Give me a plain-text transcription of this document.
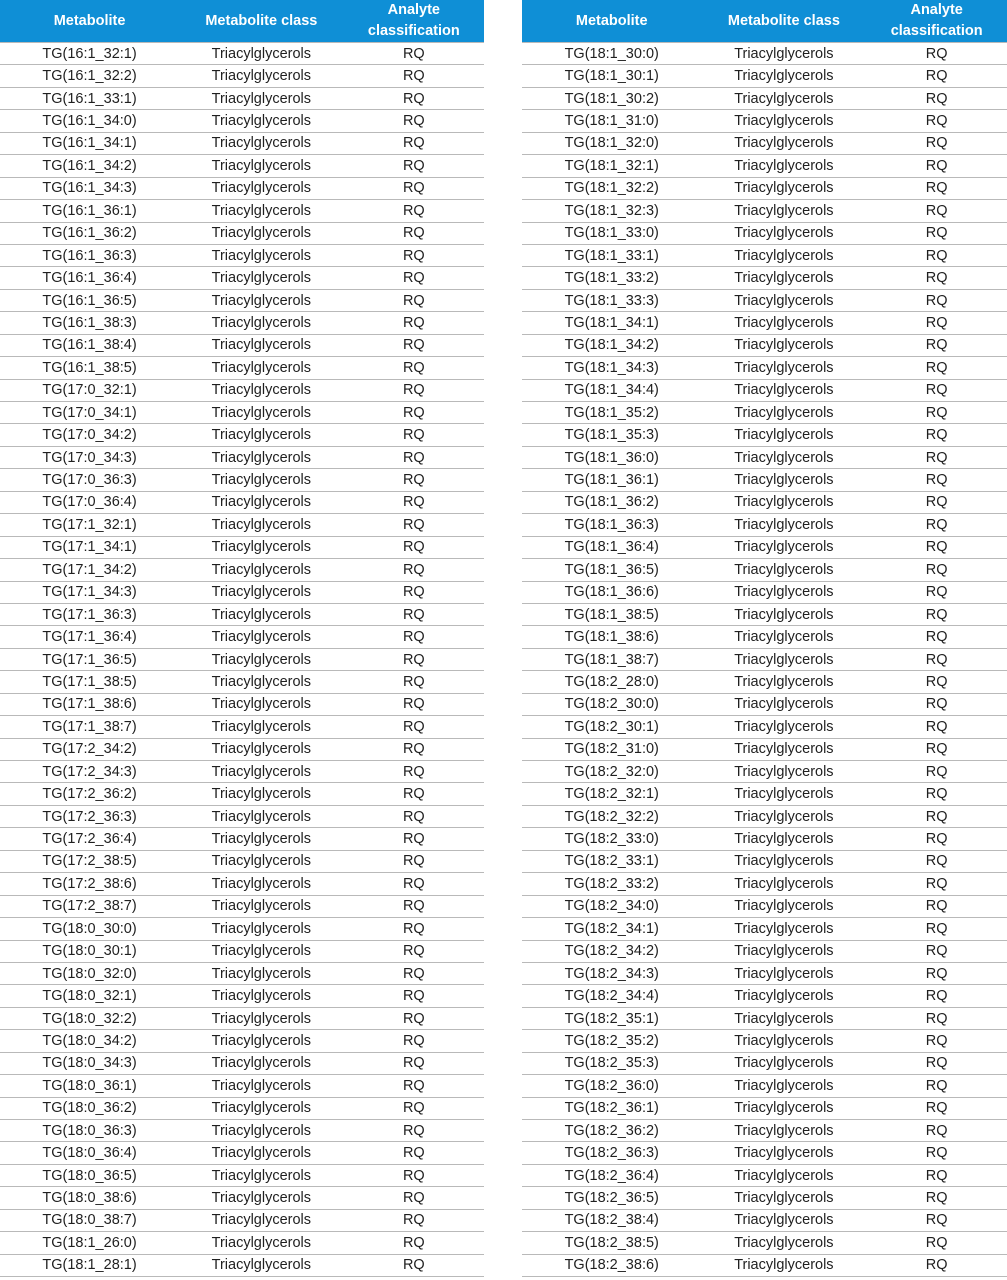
Metabolite	Metabolite class	Analyte classification
TG(16:1_32:1)	Triacylglycerols	RQ
TG(16:1_32:2)	Triacylglycerols	RQ
TG(16:1_33:1)	Triacylglycerols	RQ
TG(16:1_34:0)	Triacylglycerols	RQ
TG(16:1_34:1)	Triacylglycerols	RQ
TG(16:1_34:2)	Triacylglycerols	RQ
TG(16:1_34:3)	Triacylglycerols	RQ
TG(16:1_36:1)	Triacylglycerols	RQ
TG(16:1_36:2)	Triacylglycerols	RQ
TG(16:1_36:3)	Triacylglycerols	RQ
TG(16:1_36:4)	Triacylglycerols	RQ
TG(16:1_36:5)	Triacylglycerols	RQ
TG(16:1_38:3)	Triacylglycerols	RQ
TG(16:1_38:4)	Triacylglycerols	RQ
TG(16:1_38:5)	Triacylglycerols	RQ
TG(17:0_32:1)	Triacylglycerols	RQ
TG(17:0_34:1)	Triacylglycerols	RQ
TG(17:0_34:2)	Triacylglycerols	RQ
TG(17:0_34:3)	Triacylglycerols	RQ
TG(17:0_36:3)	Triacylglycerols	RQ
TG(17:0_36:4)	Triacylglycerols	RQ
TG(17:1_32:1)	Triacylglycerols	RQ
TG(17:1_34:1)	Triacylglycerols	RQ
TG(17:1_34:2)	Triacylglycerols	RQ
TG(17:1_34:3)	Triacylglycerols	RQ
TG(17:1_36:3)	Triacylglycerols	RQ
TG(17:1_36:4)	Triacylglycerols	RQ
TG(17:1_36:5)	Triacylglycerols	RQ
TG(17:1_38:5)	Triacylglycerols	RQ
TG(17:1_38:6)	Triacylglycerols	RQ
TG(17:1_38:7)	Triacylglycerols	RQ
TG(17:2_34:2)	Triacylglycerols	RQ
TG(17:2_34:3)	Triacylglycerols	RQ
TG(17:2_36:2)	Triacylglycerols	RQ
TG(17:2_36:3)	Triacylglycerols	RQ
TG(17:2_36:4)	Triacylglycerols	RQ
TG(17:2_38:5)	Triacylglycerols	RQ
TG(17:2_38:6)	Triacylglycerols	RQ
TG(17:2_38:7)	Triacylglycerols	RQ
TG(18:0_30:0)	Triacylglycerols	RQ
TG(18:0_30:1)	Triacylglycerols	RQ
TG(18:0_32:0)	Triacylglycerols	RQ
TG(18:0_32:1)	Triacylglycerols	RQ
TG(18:0_32:2)	Triacylglycerols	RQ
TG(18:0_34:2)	Triacylglycerols	RQ
TG(18:0_34:3)	Triacylglycerols	RQ
TG(18:0_36:1)	Triacylglycerols	RQ
TG(18:0_36:2)	Triacylglycerols	RQ
TG(18:0_36:3)	Triacylglycerols	RQ
TG(18:0_36:4)	Triacylglycerols	RQ
TG(18:0_36:5)	Triacylglycerols	RQ
TG(18:0_38:6)	Triacylglycerols	RQ
TG(18:0_38:7)	Triacylglycerols	RQ
TG(18:1_26:0)	Triacylglycerols	RQ
TG(18:1_28:1)	Triacylglycerols	RQ
Metabolite	Metabolite class	Analyte classification
TG(18:1_30:0)	Triacylglycerols	RQ
TG(18:1_30:1)	Triacylglycerols	RQ
TG(18:1_30:2)	Triacylglycerols	RQ
TG(18:1_31:0)	Triacylglycerols	RQ
TG(18:1_32:0)	Triacylglycerols	RQ
TG(18:1_32:1)	Triacylglycerols	RQ
TG(18:1_32:2)	Triacylglycerols	RQ
TG(18:1_32:3)	Triacylglycerols	RQ
TG(18:1_33:0)	Triacylglycerols	RQ
TG(18:1_33:1)	Triacylglycerols	RQ
TG(18:1_33:2)	Triacylglycerols	RQ
TG(18:1_33:3)	Triacylglycerols	RQ
TG(18:1_34:1)	Triacylglycerols	RQ
TG(18:1_34:2)	Triacylglycerols	RQ
TG(18:1_34:3)	Triacylglycerols	RQ
TG(18:1_34:4)	Triacylglycerols	RQ
TG(18:1_35:2)	Triacylglycerols	RQ
TG(18:1_35:3)	Triacylglycerols	RQ
TG(18:1_36:0)	Triacylglycerols	RQ
TG(18:1_36:1)	Triacylglycerols	RQ
TG(18:1_36:2)	Triacylglycerols	RQ
TG(18:1_36:3)	Triacylglycerols	RQ
TG(18:1_36:4)	Triacylglycerols	RQ
TG(18:1_36:5)	Triacylglycerols	RQ
TG(18:1_36:6)	Triacylglycerols	RQ
TG(18:1_38:5)	Triacylglycerols	RQ
TG(18:1_38:6)	Triacylglycerols	RQ
TG(18:1_38:7)	Triacylglycerols	RQ
TG(18:2_28:0)	Triacylglycerols	RQ
TG(18:2_30:0)	Triacylglycerols	RQ
TG(18:2_30:1)	Triacylglycerols	RQ
TG(18:2_31:0)	Triacylglycerols	RQ
TG(18:2_32:0)	Triacylglycerols	RQ
TG(18:2_32:1)	Triacylglycerols	RQ
TG(18:2_32:2)	Triacylglycerols	RQ
TG(18:2_33:0)	Triacylglycerols	RQ
TG(18:2_33:1)	Triacylglycerols	RQ
TG(18:2_33:2)	Triacylglycerols	RQ
TG(18:2_34:0)	Triacylglycerols	RQ
TG(18:2_34:1)	Triacylglycerols	RQ
TG(18:2_34:2)	Triacylglycerols	RQ
TG(18:2_34:3)	Triacylglycerols	RQ
TG(18:2_34:4)	Triacylglycerols	RQ
TG(18:2_35:1)	Triacylglycerols	RQ
TG(18:2_35:2)	Triacylglycerols	RQ
TG(18:2_35:3)	Triacylglycerols	RQ
TG(18:2_36:0)	Triacylglycerols	RQ
TG(18:2_36:1)	Triacylglycerols	RQ
TG(18:2_36:2)	Triacylglycerols	RQ
TG(18:2_36:3)	Triacylglycerols	RQ
TG(18:2_36:4)	Triacylglycerols	RQ
TG(18:2_36:5)	Triacylglycerols	RQ
TG(18:2_38:4)	Triacylglycerols	RQ
TG(18:2_38:5)	Triacylglycerols	RQ
TG(18:2_38:6)	Triacylglycerols	RQ
